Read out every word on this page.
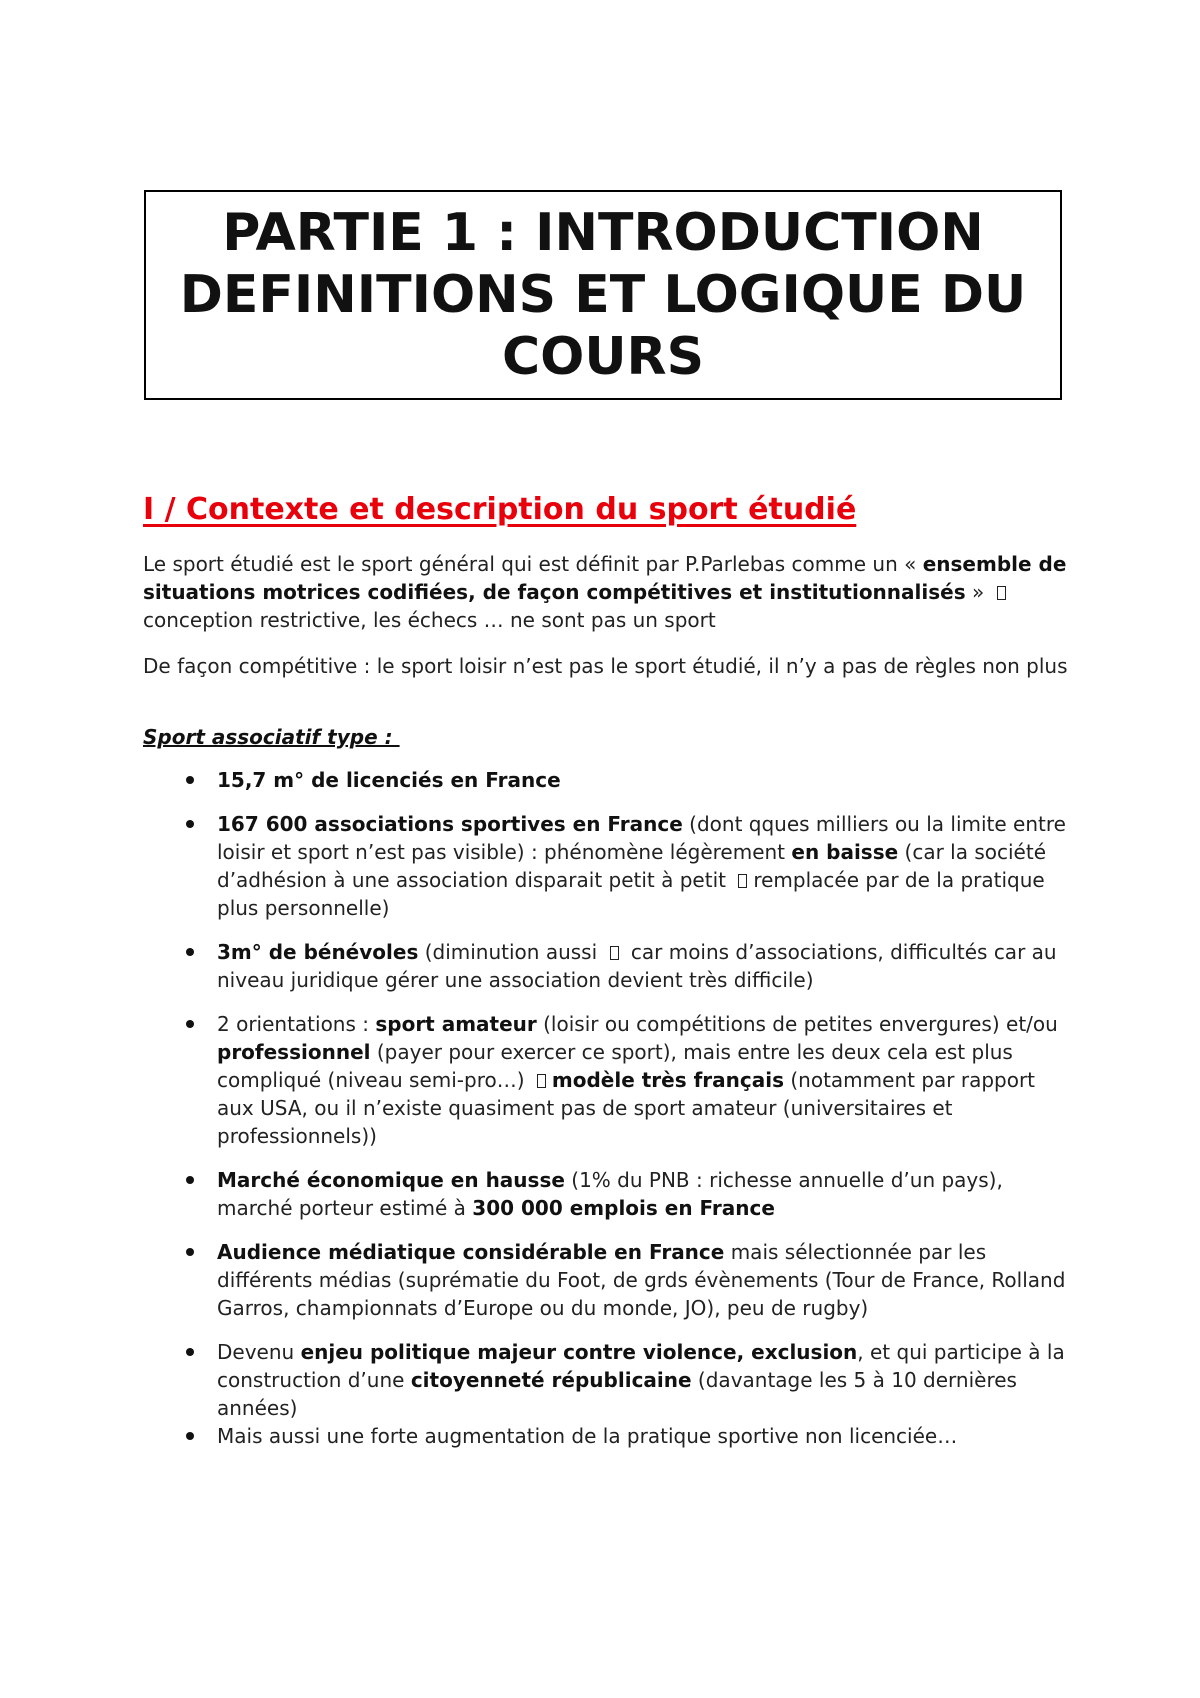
PARTIE 1 : INTRODUCTION
DEFINITIONS ET LOGIQUE DU
COURS
I / Contexte et description du sport étudié
Le sport étudié est le sport général qui est définit par P.Parlebas comme un « ensemble de situations motrices codifiées, de façon compétitives et institutionnalisés »  conception restrictive, les échecs … ne sont pas un sport
De façon compétitive : le sport loisir n’est pas le sport étudié, il n’y a pas de règles non plus
Sport associatif type :
15,7 m° de licenciés en France
167 600 associations sportives en France (dont qques milliers ou la limite entre loisir et sport n’est pas visible) : phénomène légèrement en baisse (car la société d’adhésion à une association disparait petit à petit remplacée par de la pratique plus personnelle)
3m° de bénévoles (diminution aussi  car moins d’associations, difficultés car au niveau juridique gérer une association devient très difficile)
2 orientations : sport amateur (loisir ou compétitions de petites envergures) et/ou professionnel (payer pour exercer ce sport), mais entre les deux cela est plus compliqué (niveau semi-pro…) modèle très français (notamment par rapport aux USA, ou il n’existe quasiment pas de sport amateur (universitaires et professionnels))
Marché économique en hausse (1% du PNB : richesse annuelle d’un pays), marché porteur estimé à 300 000 emplois en France
Audience médiatique considérable en France mais sélectionnée par les différents médias (suprématie du Foot, de grds évènements (Tour de France, Rolland Garros, championnats d’Europe ou du monde, JO), peu de rugby)
Devenu enjeu politique majeur contre violence, exclusion, et qui participe à la construction d’une citoyenneté républicaine (davantage les 5 à 10 dernières années)
Mais aussi une forte augmentation de la pratique sportive non licenciée…
